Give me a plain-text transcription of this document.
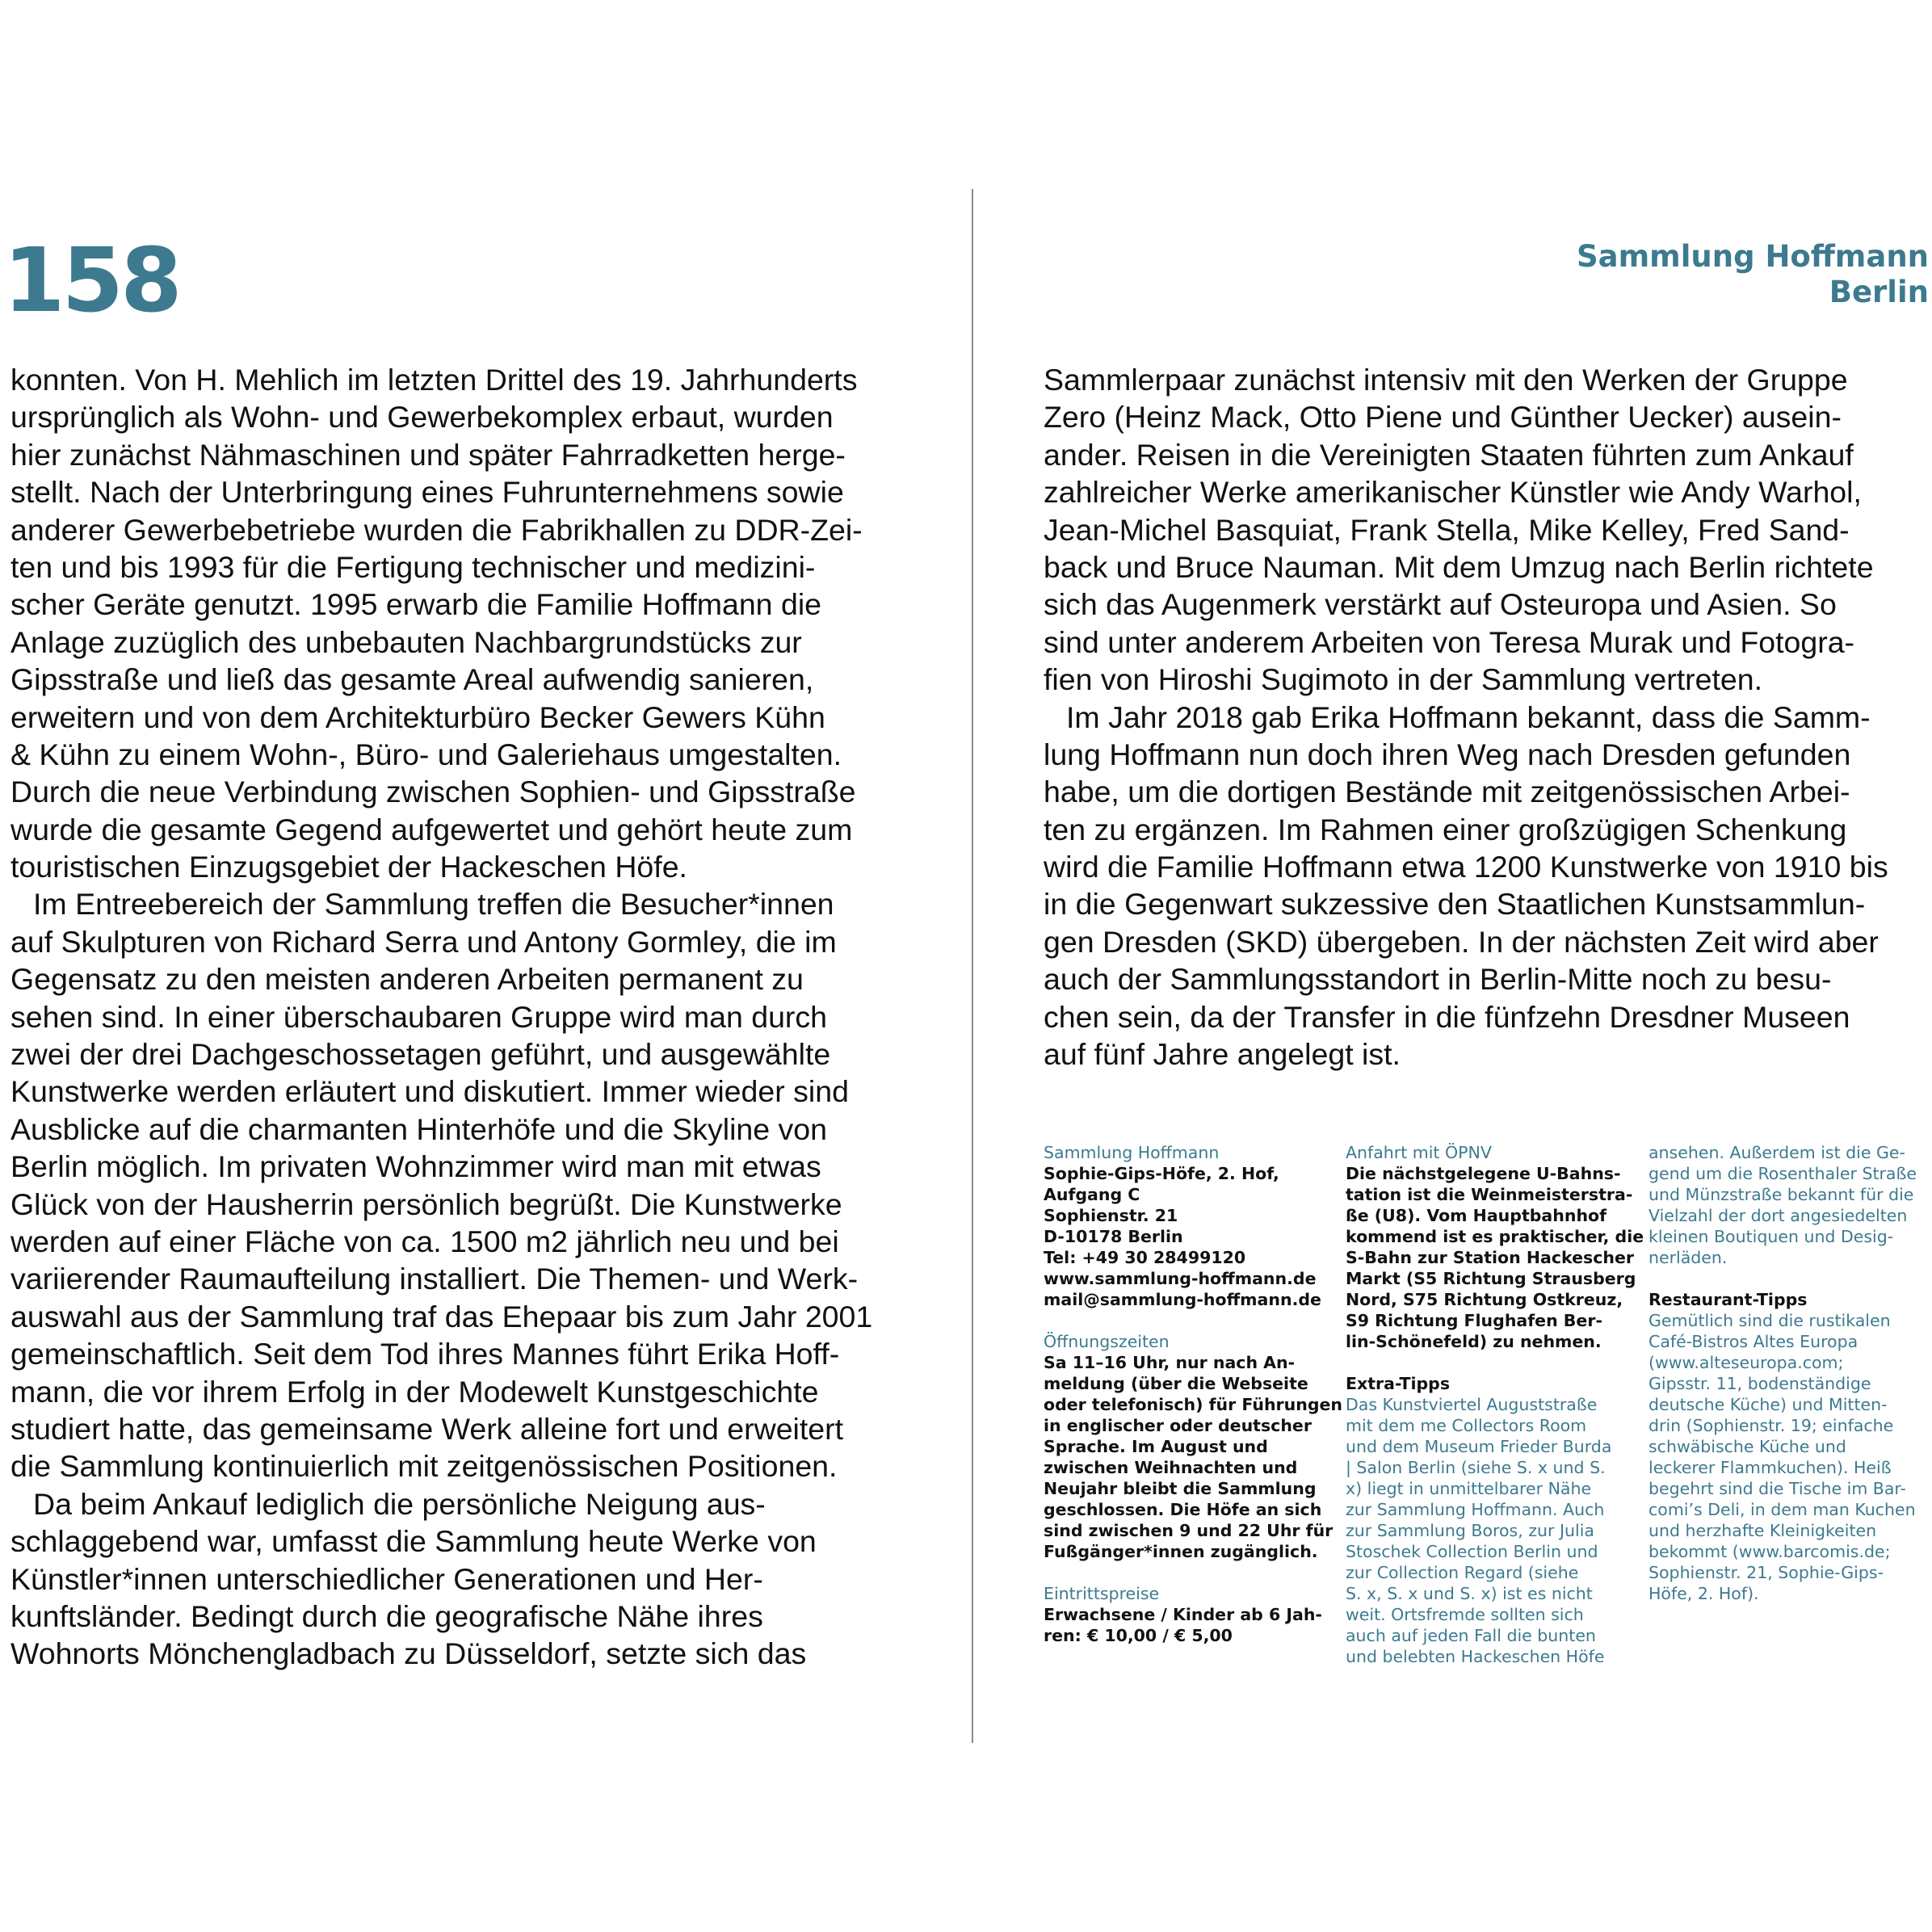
158	Sammlung Hoffmann
Berlin
konnten. Von H. Mehlich im letzten Drittel des 19. Jahrhunderts
ursprünglich als Wohn- und Gewerbekomplex erbaut, wurden
hier zunächst Nähmaschinen und später Fahrradketten herge-
stellt. Nach der Unterbringung eines Fuhrunternehmens sowie
anderer Gewerbebetriebe wurden die Fabrikhallen zu DDR-Zei-
ten und bis 1993 für die Fertigung technischer und medizini-
scher Geräte genutzt. 1995 erwarb die Familie Hoffmann die
Anlage zuzüglich des unbebauten Nachbargrundstücks zur
Gipsstraße und ließ das gesamte Areal aufwendig sanieren,
erweitern und von dem Architekturbüro Becker Gewers Kühn
& Kühn zu einem Wohn-, Büro- und Galeriehaus umgestalten.
Durch die neue Verbindung zwischen Sophien- und Gipsstraße
wurde die gesamte Gegend aufgewertet und gehört heute zum
touristischen Einzugsgebiet der Hackeschen Höfe.
Im Entreebereich der Sammlung treffen die Besucher*innen
auf Skulpturen von Richard Serra und Antony Gormley, die im
Gegensatz zu den meisten anderen Arbeiten permanent zu
sehen sind. In einer überschaubaren Gruppe wird man durch
zwei der drei Dachgeschossetagen geführt, und ausgewählte
Kunstwerke werden erläutert und diskutiert. Immer wieder sind
Ausblicke auf die charmanten Hinterhöfe und die Skyline von
Berlin möglich. Im privaten Wohnzimmer wird man mit etwas
Glück von der Hausherrin persönlich begrüßt. Die Kunstwerke
werden auf einer Fläche von ca. 1500 m2 jährlich neu und bei
variierender Raumaufteilung installiert. Die Themen- und Werk-
auswahl aus der Sammlung traf das Ehepaar bis zum Jahr 2001
gemeinschaftlich. Seit dem Tod ihres Mannes führt Erika Hoff-
mann, die vor ihrem Erfolg in der Modewelt Kunstgeschichte
studiert hatte, das gemeinsame Werk alleine fort und erweitert
die Sammlung kontinuierlich mit zeitgenössischen Positionen.
Da beim Ankauf lediglich die persönliche Neigung aus-
schlaggebend war, umfasst die Sammlung heute Werke von
Künstler*innen unterschiedlicher Generationen und Her-
kunftsländer. Bedingt durch die geografische Nähe ihres
Wohnorts Mönchengladbach zu Düsseldorf, setzte sich das
Sammlerpaar zunächst intensiv mit den Werken der Gruppe
Zero (Heinz Mack, Otto Piene und Günther Uecker) ausein-
ander. Reisen in die Vereinigten Staaten führten zum Ankauf
zahlreicher Werke amerikanischer Künstler wie Andy Warhol,
Jean-Michel Basquiat, Frank Stella, Mike Kelley, Fred Sand-
back und Bruce Nauman. Mit dem Umzug nach Berlin richtete
sich das Augenmerk verstärkt auf Osteuropa und Asien. So
sind unter anderem Arbeiten von Teresa Murak und Fotogra-
fien von Hiroshi Sugimoto in der Sammlung vertreten.
Im Jahr 2018 gab Erika Hoffmann bekannt, dass die Samm-
lung Hoffmann nun doch ihren Weg nach Dresden gefunden
habe, um die dortigen Bestände mit zeitgenössischen Arbei-
ten zu ergänzen. Im Rahmen einer großzügigen Schenkung
wird die Familie Hoffmann etwa 1200 Kunstwerke von 1910 bis
in die Gegenwart sukzessive den Staatlichen Kunstsammlun-
gen Dresden (SKD) übergeben. In der nächsten Zeit wird aber
auch der Sammlungsstandort in Berlin-Mitte noch zu besu-
chen sein, da der Transfer in die fünfzehn Dresdner Museen
auf fünf Jahre angelegt ist.
Sammlung Hoffmann
Sophie-Gips-Höfe, 2. Hof,
Aufgang C
Sophienstr. 21
D-10178 Berlin
Tel: +49 30 28499120
www.sammlung-hoffmann.de
mail@sammlung-hoffmann.de
Öffnungszeiten
Sa 11–16 Uhr, nur nach An-
meldung (über die Webseite
oder telefonisch) für Führungen
in englischer oder deutscher
Sprache. Im August und
zwischen Weihnachten und
Neujahr bleibt die Sammlung
geschlossen. Die Höfe an sich
sind zwischen 9 und 22 Uhr für
Fußgänger*innen zugänglich.
Eintrittspreise
Erwachsene / Kinder ab 6 Jah-
ren: € 10,00 / € 5,00
Anfahrt mit ÖPNV
Die nächstgelegene U-Bahns-
tation ist die Weinmeisterstra-
ße (U8). Vom Hauptbahnhof
kommend ist es praktischer, die
S-Bahn zur Station Hackescher
Markt (S5 Richtung Strausberg
Nord, S75 Richtung Ostkreuz,
S9 Richtung Flughafen Ber-
lin-Schönefeld) zu nehmen.
Extra-Tipps
Das Kunstviertel Auguststraße
mit dem me Collectors Room
und dem Museum Frieder Burda
| Salon Berlin (siehe S. x und S.
x) liegt in unmittelbarer Nähe
zur Sammlung Hoffmann. Auch
zur Sammlung Boros, zur Julia
Stoschek Collection Berlin und
zur Collection Regard (siehe
S. x, S. x und S. x) ist es nicht
weit. Ortsfremde sollten sich
auch auf jeden Fall die bunten
und belebten Hackeschen Höfe
ansehen. Außerdem ist die Ge-
gend um die Rosenthaler Straße
und Münzstraße bekannt für die
Vielzahl der dort angesiedelten
kleinen Boutiquen und Desig-
nerläden.
Restaurant-Tipps
Gemütlich sind die rustikalen
Café-Bistros Altes Europa
(www.alteseuropa.com;
Gipsstr. 11, bodenständige
deutsche Küche) und Mitten-
drin (Sophienstr. 19; einfache
schwäbische Küche und
leckerer Flammkuchen). Heiß
begehrt sind die Tische im Bar-
comi’s Deli, in dem man Kuchen
und herzhafte Kleinigkeiten
bekommt (www.barcomis.de;
Sophienstr. 21, Sophie-Gips-
Höfe, 2. Hof).
